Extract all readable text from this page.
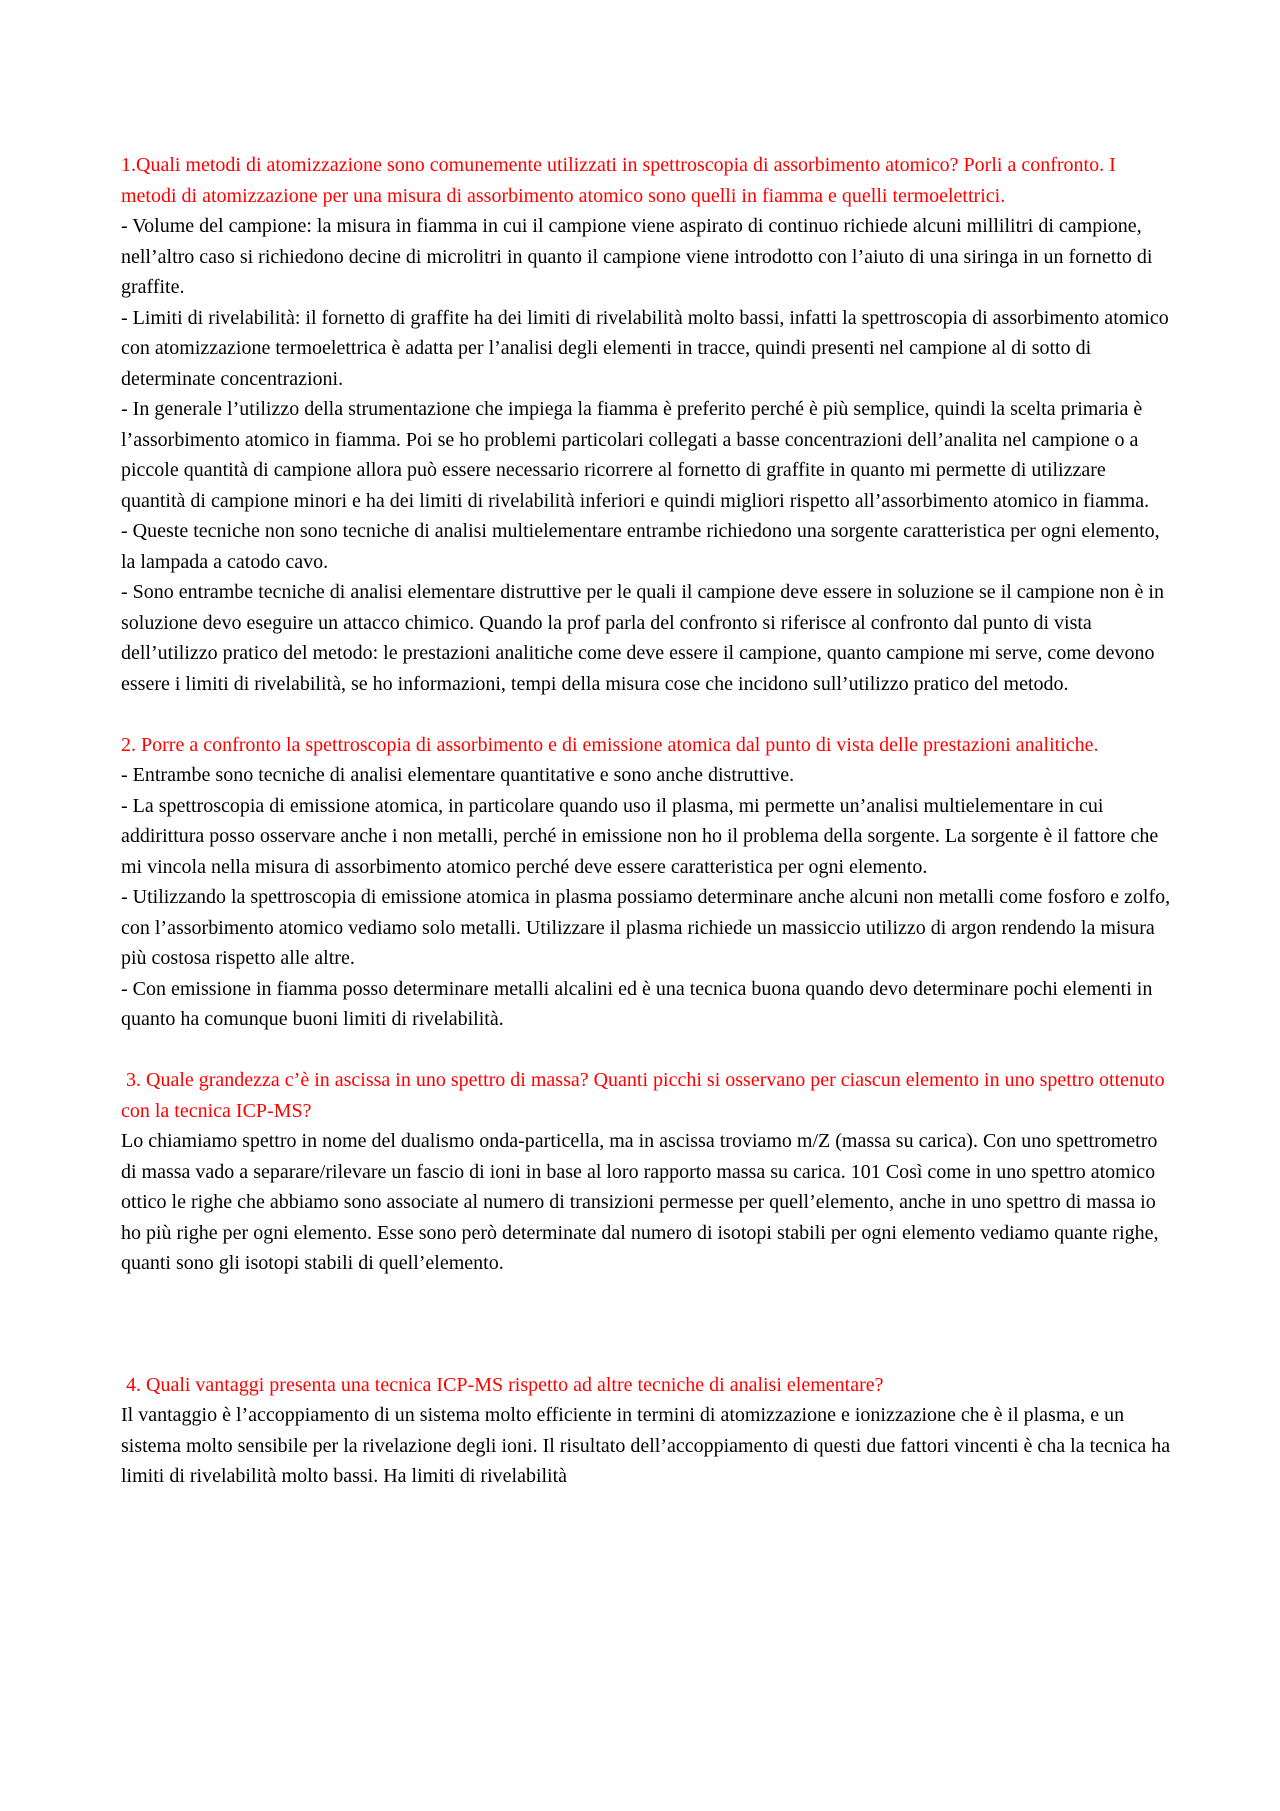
1.Quali metodi di atomizzazione sono comunemente utilizzati in spettroscopia di assorbimento atomico? Porli a confronto. I metodi di atomizzazione per una misura di assorbimento atomico sono quelli in fiamma e quelli termoelettrici.

- Volume del campione: la misura in fiamma in cui il campione viene aspirato di continuo richiede alcuni millilitri di campione, nell’altro caso si richiedono decine di microlitri in quanto il campione viene introdotto con l’aiuto di una siringa in un fornetto di graffite.

- Limiti di rivelabilità: il fornetto di graffite ha dei limiti di rivelabilità molto bassi, infatti la spettroscopia di assorbimento atomico con atomizzazione termoelettrica è adatta per l’analisi degli elementi in tracce, quindi presenti nel campione al di sotto di determinate concentrazioni.

- In generale l’utilizzo della strumentazione che impiega la fiamma è preferito perché è più semplice, quindi la scelta primaria è l’assorbimento atomico in fiamma. Poi se ho problemi particolari collegati a basse concentrazioni dell’analita nel campione o a piccole quantità di campione allora può essere necessario ricorrere al fornetto di graffite in quanto mi permette di utilizzare quantità di campione minori e ha dei limiti di rivelabilità inferiori e quindi migliori rispetto all’assorbimento atomico in fiamma.

- Queste tecniche non sono tecniche di analisi multielementare entrambe richiedono una sorgente caratteristica per ogni elemento, la lampada a catodo cavo.

- Sono entrambe tecniche di analisi elementare distruttive per le quali il campione deve essere in soluzione se il campione non è in soluzione devo eseguire un attacco chimico. Quando la prof parla del confronto si riferisce al confronto dal punto di vista dell’utilizzo pratico del metodo: le prestazioni analitiche come deve essere il campione, quanto campione mi serve, come devono essere i limiti di rivelabilità, se ho informazioni, tempi della misura cose che incidono sull’utilizzo pratico del metodo.

2. Porre a confronto la spettroscopia di assorbimento e di emissione atomica dal punto di vista delle prestazioni analitiche.

- Entrambe sono tecniche di analisi elementare quantitative e sono anche distruttive.

- La spettroscopia di emissione atomica, in particolare quando uso il plasma, mi permette un’analisi multielementare in cui addirittura posso osservare anche i non metalli, perché in emissione non ho il problema della sorgente. La sorgente è il fattore che mi vincola nella misura di assorbimento atomico perché deve essere caratteristica per ogni elemento.

- Utilizzando la spettroscopia di emissione atomica in plasma possiamo determinare anche alcuni non metalli come fosforo e zolfo, con l’assorbimento atomico vediamo solo metalli. Utilizzare il plasma richiede un massiccio utilizzo di argon rendendo la misura più costosa rispetto alle altre.

- Con emissione in fiamma posso determinare metalli alcalini ed è una tecnica buona quando devo determinare pochi elementi in quanto ha comunque buoni limiti di rivelabilità.

3. Quale grandezza c’è in ascissa in uno spettro di massa? Quanti picchi si osservano per ciascun elemento in uno spettro ottenuto con la tecnica ICP-MS?

Lo chiamiamo spettro in nome del dualismo onda-particella, ma in ascissa troviamo m/Z (massa su carica). Con uno spettrometro di massa vado a separare/rilevare un fascio di ioni in base al loro rapporto massa su carica. 101 Così come in uno spettro atomico ottico le righe che abbiamo sono associate al numero di transizioni permesse per quell’elemento, anche in uno spettro di massa io ho più righe per ogni elemento. Esse sono però determinate dal numero di isotopi stabili per ogni elemento vediamo quante righe, quanti sono gli isotopi stabili di quell’elemento.

4. Quali vantaggi presenta una tecnica ICP-MS rispetto ad altre tecniche di analisi elementare?

Il vantaggio è l’accoppiamento di un sistema molto efficiente in termini di atomizzazione e ionizzazione che è il plasma, e un sistema molto sensibile per la rivelazione degli ioni. Il risultato dell’accoppiamento di questi due fattori vincenti è cha la tecnica ha limiti di rivelabilità molto bassi. Ha limiti di rivelabilità
